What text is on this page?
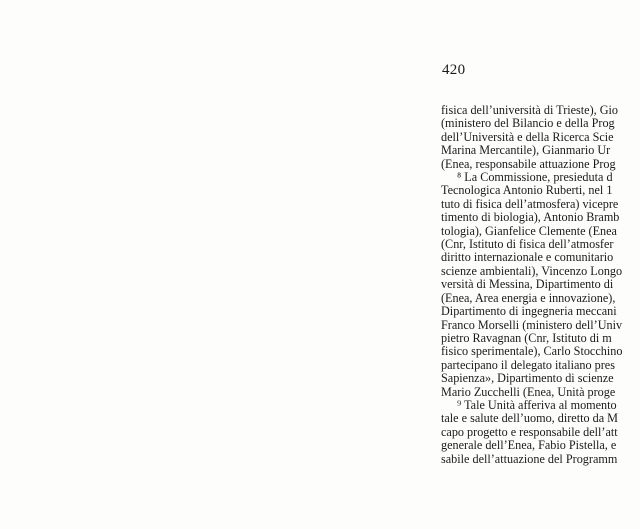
420
fisica dell’università di Trieste), Gio
(ministero del Bilancio e della Prog
dell’Università e della Ricerca Scie
Marina Mercantile), Gianmario Ur
(Enea, responsabile attuazione Prog
⁸ La Commissione, presieduta d
Tecnologica Antonio Ruberti, nel 1
tuto di fisica dell’atmosfera) vicepre
timento di biologia), Antonio Bramb
tologia), Gianfelice Clemente (Enea
(Cnr, Istituto di fisica dell’atmosfer
diritto internazionale e comunitario
scienze ambientali), Vincenzo Longo
versità di Messina, Dipartimento di
(Enea, Area energia e innovazione),
Dipartimento di ingegneria meccani
Franco Morselli (ministero dell’Univ
pietro Ravagnan (Cnr, Istituto di m
fisico sperimentale), Carlo Stocchino
partecipano il delegato italiano pres
Sapienza», Dipartimento di scienze
Mario Zucchelli (Enea, Unità proge
⁹ Tale Unità afferiva al momento
tale e salute dell’uomo, diretto da M
capo progetto e responsabile dell’att
generale dell’Enea, Fabio Pistella, e
sabile dell’attuazione del Programm
